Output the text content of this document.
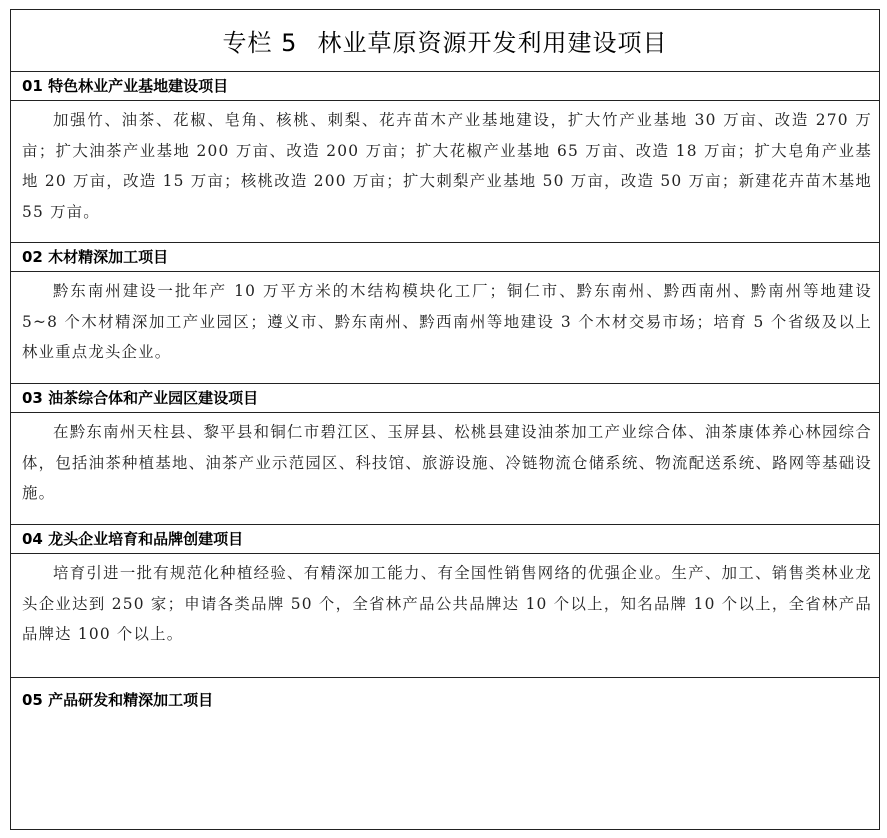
专栏 5 林业草原资源开发利用建设项目
01 特色林业产业基地建设项目
加强竹、油茶、花椒、皂角、核桃、刺梨、花卉苗木产业基地建设，扩大竹产业基地 30 万亩、改造 270 万亩；扩大油茶产业基地 200 万亩、改造 200 万亩；扩大花椒产业基地 65 万亩、改造 18 万亩；扩大皂角产业基地 20 万亩，改造 15 万亩；核桃改造 200 万亩；扩大刺梨产业基地 50 万亩，改造 50 万亩；新建花卉苗木基地 55 万亩。
02 木材精深加工项目
黔东南州建设一批年产 10 万平方米的木结构模块化工厂；铜仁市、黔东南州、黔西南州、黔南州等地建设 5~8 个木材精深加工产业园区；遵义市、黔东南州、黔西南州等地建设 3 个木材交易市场；培育 5 个省级及以上林业重点龙头企业。
03 油茶综合体和产业园区建设项目
在黔东南州天柱县、黎平县和铜仁市碧江区、玉屏县、松桃县建设油茶加工产业综合体、油茶康体养心林园综合体，包括油茶种植基地、油茶产业示范园区、科技馆、旅游设施、冷链物流仓储系统、物流配送系统、路网等基础设施。
04 龙头企业培育和品牌创建项目
培育引进一批有规范化种植经验、有精深加工能力、有全国性销售网络的优强企业。生产、加工、销售类林业龙头企业达到 250 家；申请各类品牌 50 个，全省林产品公共品牌达 10 个以上，知名品牌 10 个以上，全省林产品品牌达 100 个以上。
05 产品研发和精深加工项目
